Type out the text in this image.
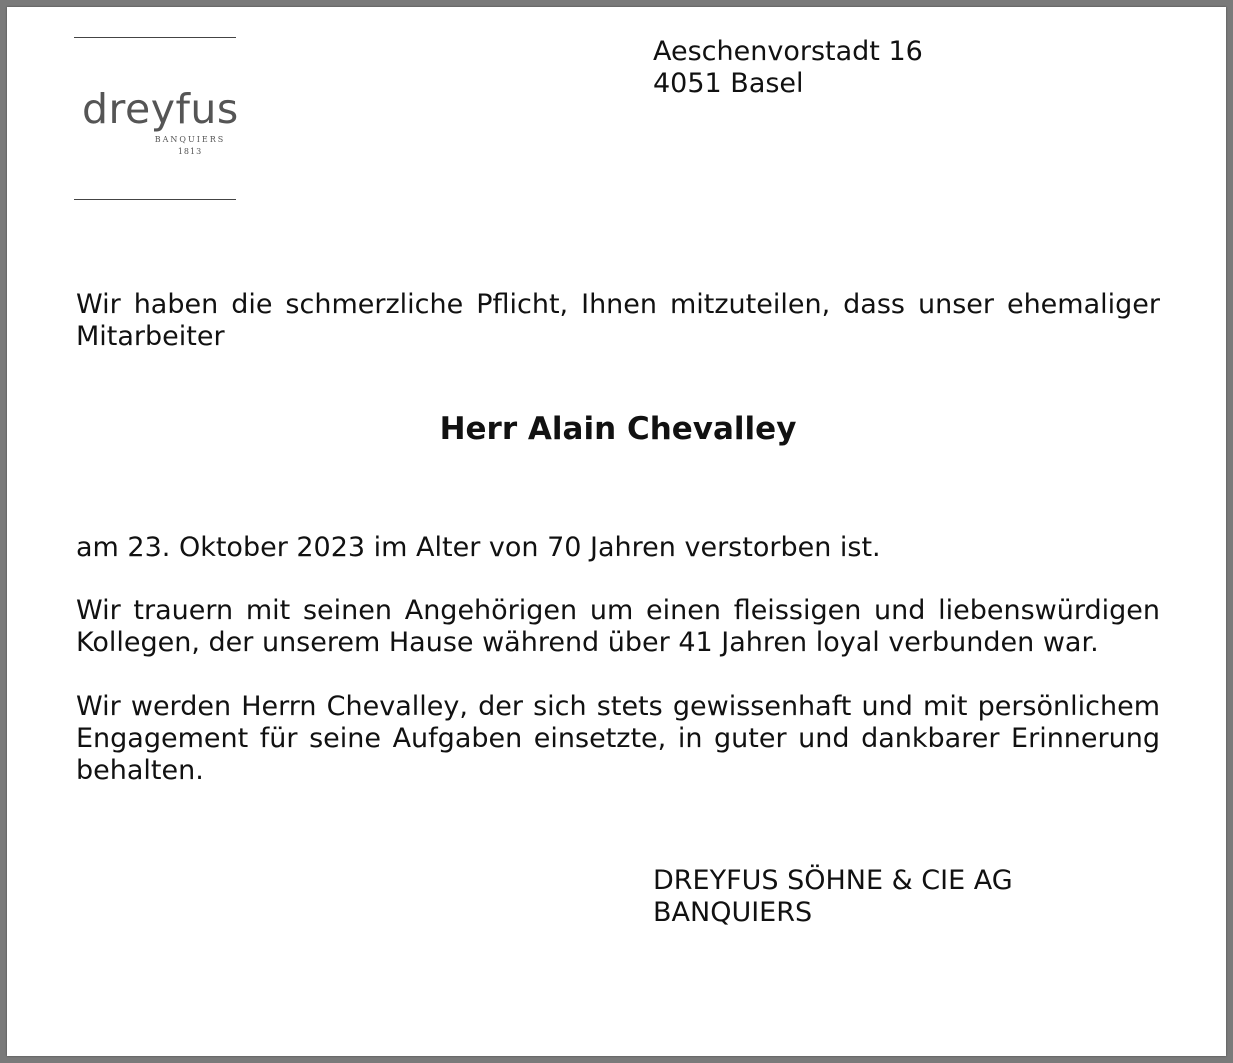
dreyfus
BANQUIERS
1813
Aeschenvorstadt 16
4051 Basel
Wir haben die schmerzliche Pflicht, Ihnen mitzuteilen, dass unser ehemaliger Mitarbeiter
Herr Alain Chevalley
am 23. Oktober 2023 im Alter von 70 Jahren verstorben ist.
Wir trauern mit seinen Angehörigen um einen fleissigen und liebenswürdigen Kollegen, der unserem Hause während über 41 Jahren loyal verbunden war.
Wir werden Herrn Chevalley, der sich stets gewissenhaft und mit persönlichem Engagement für seine Aufgaben einsetzte, in guter und dankbarer Erinnerung behalten.
DREYFUS SÖHNE & CIE AG
BANQUIERS
